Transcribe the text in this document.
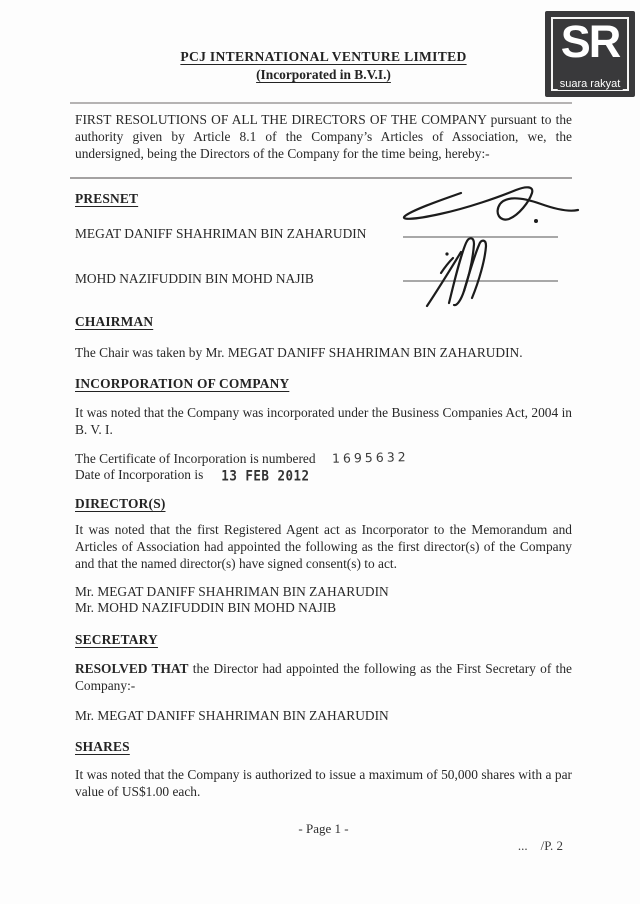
PCJ INTERNATIONAL VENTURE LIMITED
(Incorporated in B.V.I.)
SR
suara rakyat
FIRST RESOLUTIONS OF ALL THE DIRECTORS OF THE COMPANY pursuant to the authority given by Article 8.1 of the Company’s Articles of Association, we, the undersigned, being the Directors of the Company for the time being, hereby:-
PRESNET
MEGAT DANIFF SHAHRIMAN BIN ZAHARUDIN
MOHD NAZIFUDDIN BIN MOHD NAJIB
CHAIRMAN
The Chair was taken by Mr. MEGAT DANIFF SHAHRIMAN BIN ZAHARUDIN.
INCORPORATION OF COMPANY
It was noted that the Company was incorporated under the Business Companies Act, 2004 in B. V. I.
The Certificate of Incorporation is numbered 1695632
Date of Incorporation is 13 FEB 2012
DIRECTOR(S)
It was noted that the first Registered Agent act as Incorporator to the Memorandum and Articles of Association had appointed the following as the first director(s) of the Company and that the named director(s) have signed consent(s) to act.
Mr. MEGAT DANIFF SHAHRIMAN BIN ZAHARUDIN
Mr. MOHD NAZIFUDDIN BIN MOHD NAJIB
SECRETARY
RESOLVED THAT the Director had appointed the following as the First Secretary of the Company:-
Mr. MEGAT DANIFF SHAHRIMAN BIN ZAHARUDIN
SHARES
It was noted that the Company is authorized to issue a maximum of 50,000 shares with a par value of US$1.00 each.
- Page 1 -
...    /P. 2
